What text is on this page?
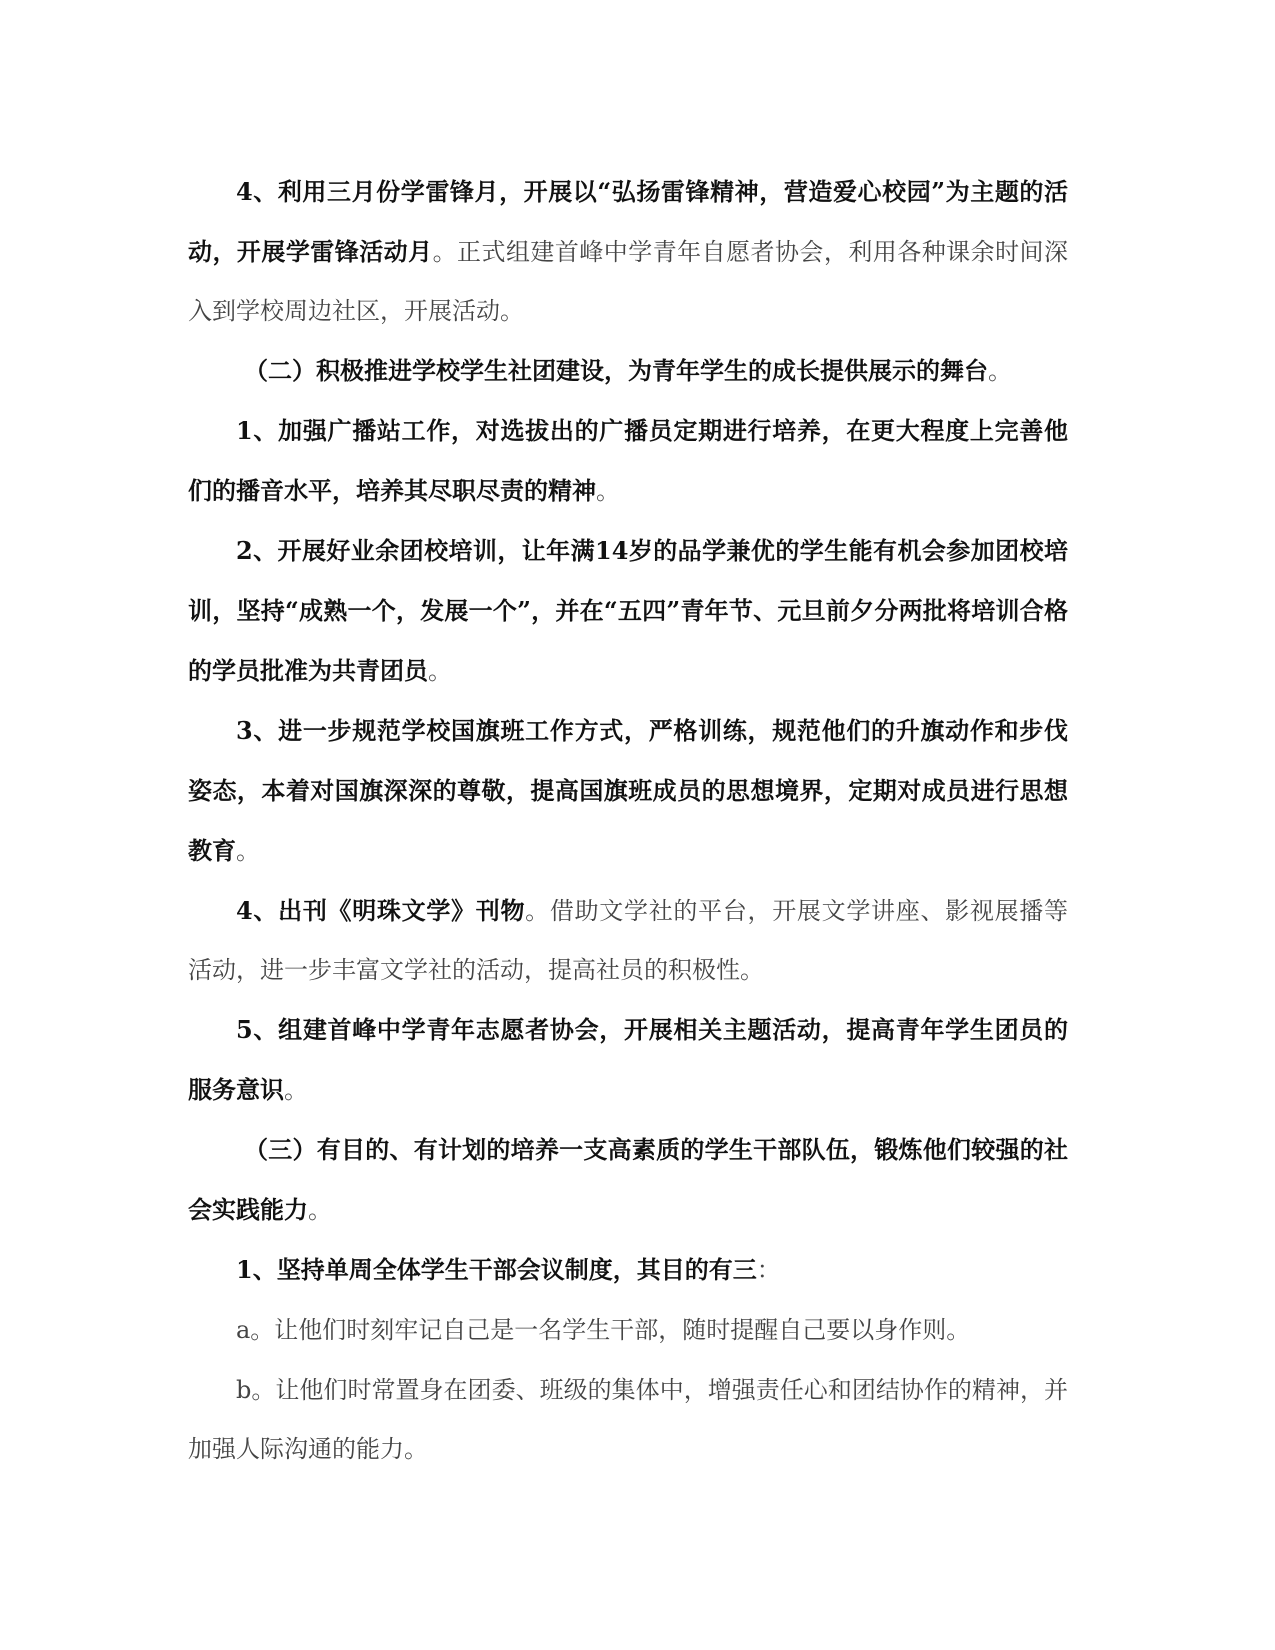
4、利用三月份学雷锋月，开展以“弘扬雷锋精神，营造爱心校园”为主题的活动，开展学雷锋活动月。正式组建首峰中学青年自愿者协会，利用各种课余时间深入到学校周边社区，开展活动。

（二）积极推进学校学生社团建设，为青年学生的成长提供展示的舞台。

1、加强广播站工作，对选拔出的广播员定期进行培养，在更大程度上完善他们的播音水平，培养其尽职尽责的精神。

2、开展好业余团校培训，让年满14岁的品学兼优的学生能有机会参加团校培训，坚持“成熟一个，发展一个”，并在“五四”青年节、元旦前夕分两批将培训合格的学员批准为共青团员。

3、进一步规范学校国旗班工作方式，严格训练，规范他们的升旗动作和步伐姿态，本着对国旗深深的尊敬，提高国旗班成员的思想境界，定期对成员进行思想教育。

4、出刊《明珠文学》刊物。借助文学社的平台，开展文学讲座、影视展播等活动，进一步丰富文学社的活动，提高社员的积极性。

5、组建首峰中学青年志愿者协会，开展相关主题活动，提高青年学生团员的服务意识。

（三）有目的、有计划的培养一支高素质的学生干部队伍，锻炼他们较强的社会实践能力。

1、坚持单周全体学生干部会议制度，其目的有三：

a。让他们时刻牢记自己是一名学生干部，随时提醒自己要以身作则。

b。让他们时常置身在团委、班级的集体中，增强责任心和团结协作的精神，并加强人际沟通的能力。
